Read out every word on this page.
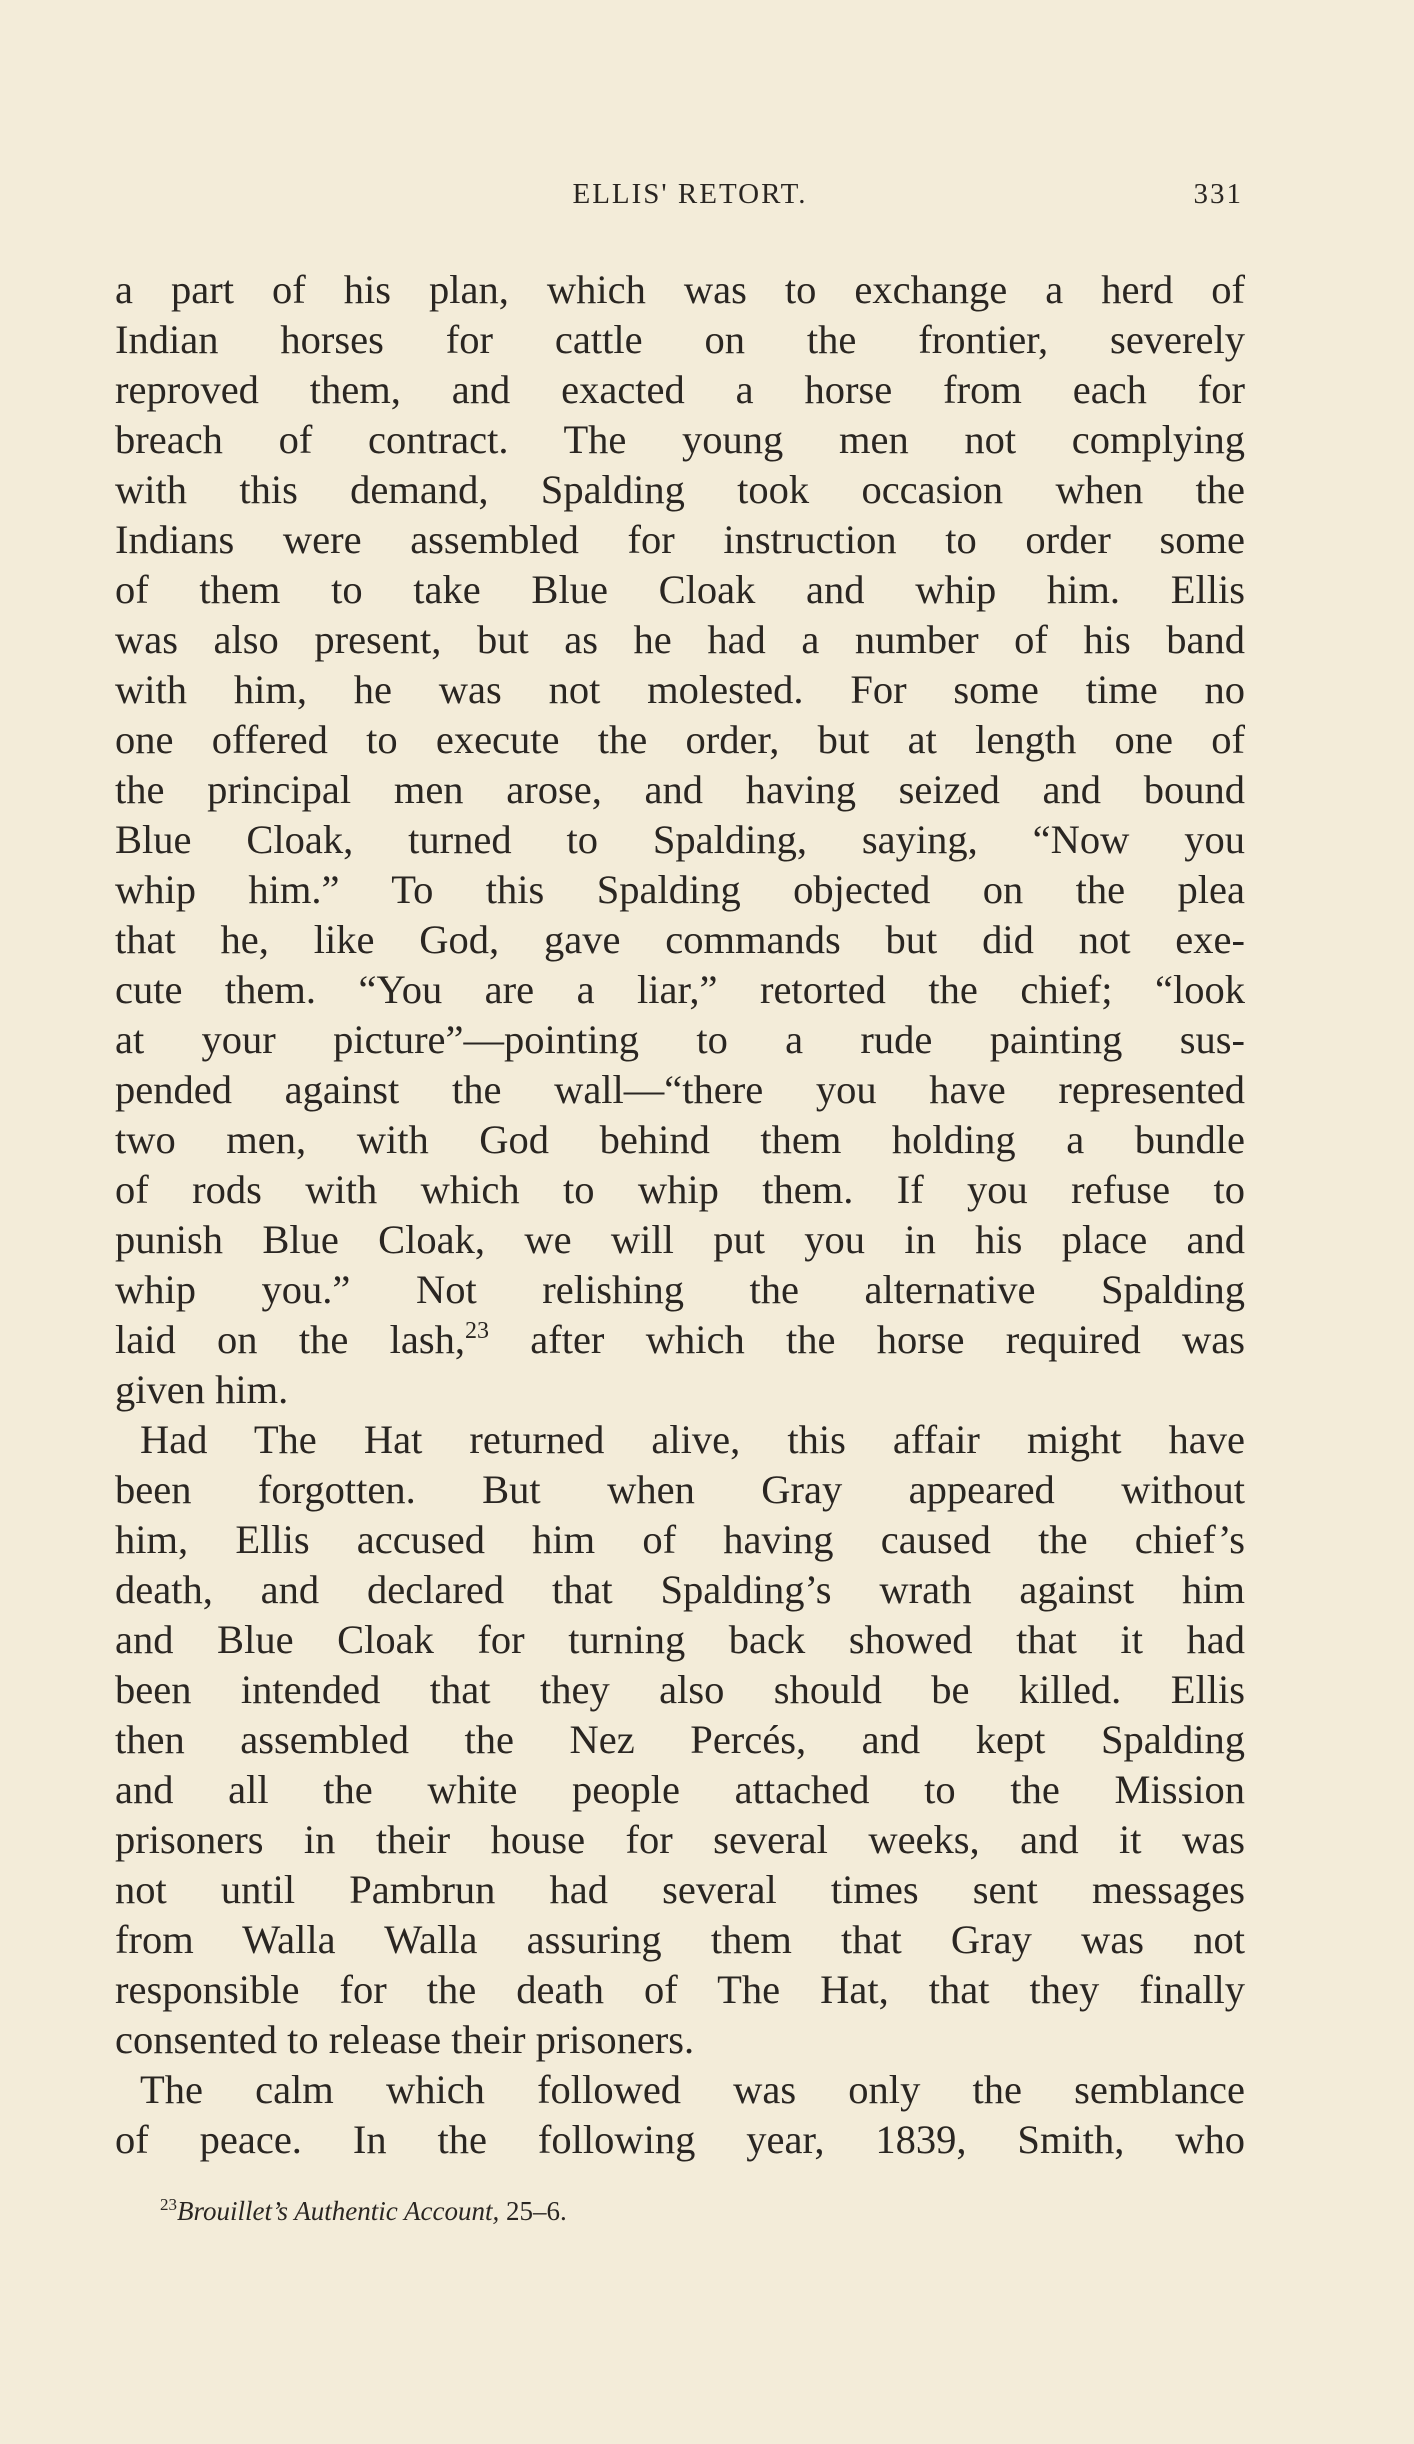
ELLIS' RETORT.	331
a part of his plan, which was to exchange a herd of
Indian horses for cattle on the frontier, severely
reproved them, and exacted a horse from each for
breach of contract. The young men not complying
with this demand, Spalding took occasion when the
Indians were assembled for instruction to order some
of them to take Blue Cloak and whip him. Ellis
was also present, but as he had a number of his band
with him, he was not molested. For some time no
one offered to execute the order, but at length one of
the principal men arose, and having seized and bound
Blue Cloak, turned to Spalding, saying, “Now you
whip him.” To this Spalding objected on the plea
that he, like God, gave commands but did not exe-
cute them. “You are a liar,” retorted the chief; “look
at your picture”—pointing to a rude painting sus-
pended against the wall—“there you have represented
two men, with God behind them holding a bundle
of rods with which to whip them. If you refuse to
punish Blue Cloak, we will put you in his place and
whip you.” Not relishing the alternative Spalding
laid on the lash,$^{23}$ after which the horse required was
given him.
Had The Hat returned alive, this affair might have
been forgotten. But when Gray appeared without
him, Ellis accused him of having caused the chief’s
death, and declared that Spalding’s wrath against him
and Blue Cloak for turning back showed that it had
been intended that they also should be killed. Ellis
then assembled the Nez Percés, and kept Spalding
and all the white people attached to the Mission
prisoners in their house for several weeks, and it was
not until Pambrun had several times sent messages
from Walla Walla assuring them that Gray was not
responsible for the death of The Hat, that they finally
consented to release their prisoners.
The calm which followed was only the semblance
of peace. In the following year, 1839, Smith, who
$^{23}$Brouillet’s Authentic Account, 25–6.
